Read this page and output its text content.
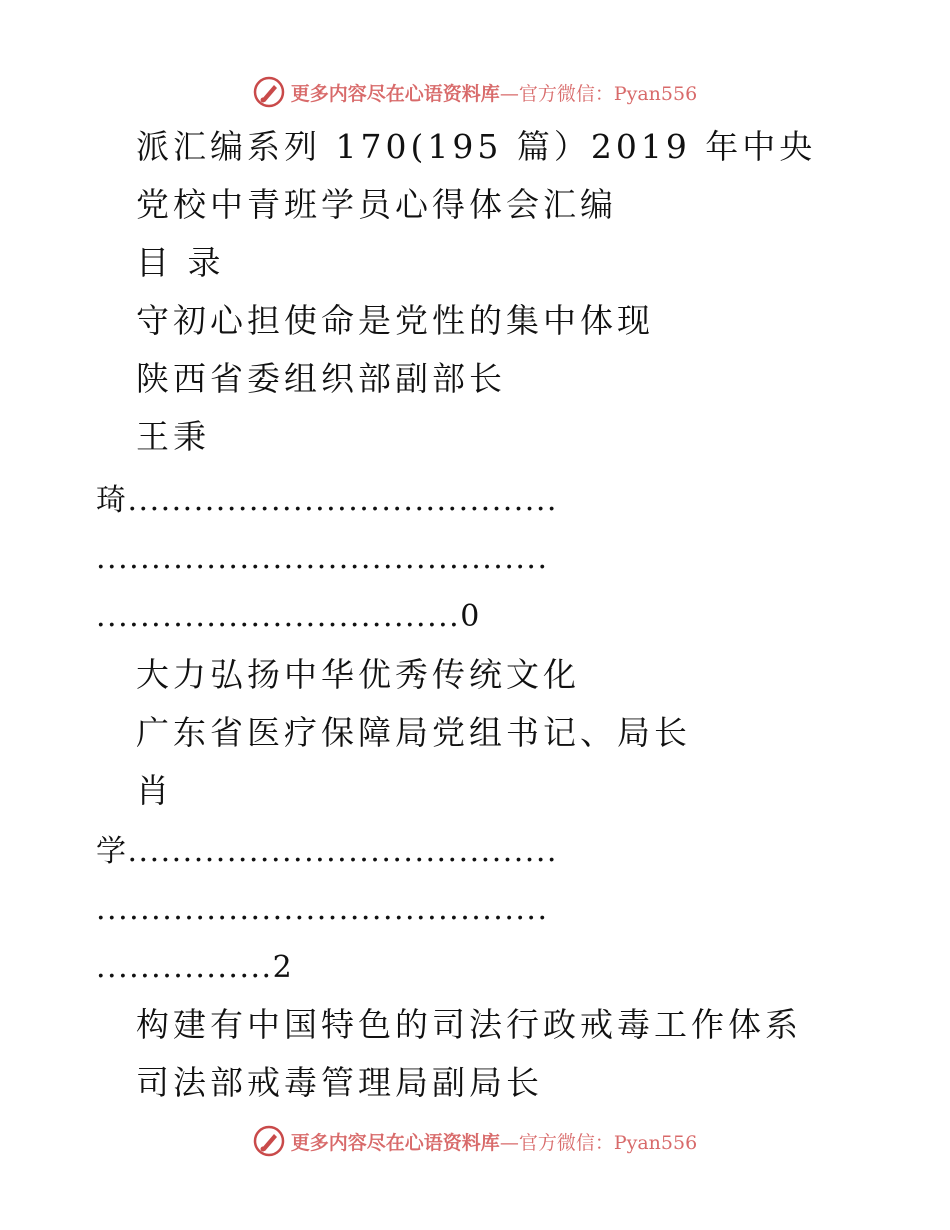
更多内容尽在心语资料库—官方微信：Pyan556
派汇编系列 170(195 篇）2019 年中央
党校中青班学员心得体会汇编
目 录
守初心担使命是党性的集中体现
陕西省委组织部副部长
王秉
琦.......................................
.........................................
.................................0
大力弘扬中华优秀传统文化
广东省医疗保障局党组书记、局长
肖
学.......................................
.........................................
................2
构建有中国特色的司法行政戒毒工作体系
司法部戒毒管理局副局长
更多内容尽在心语资料库—官方微信：Pyan556
